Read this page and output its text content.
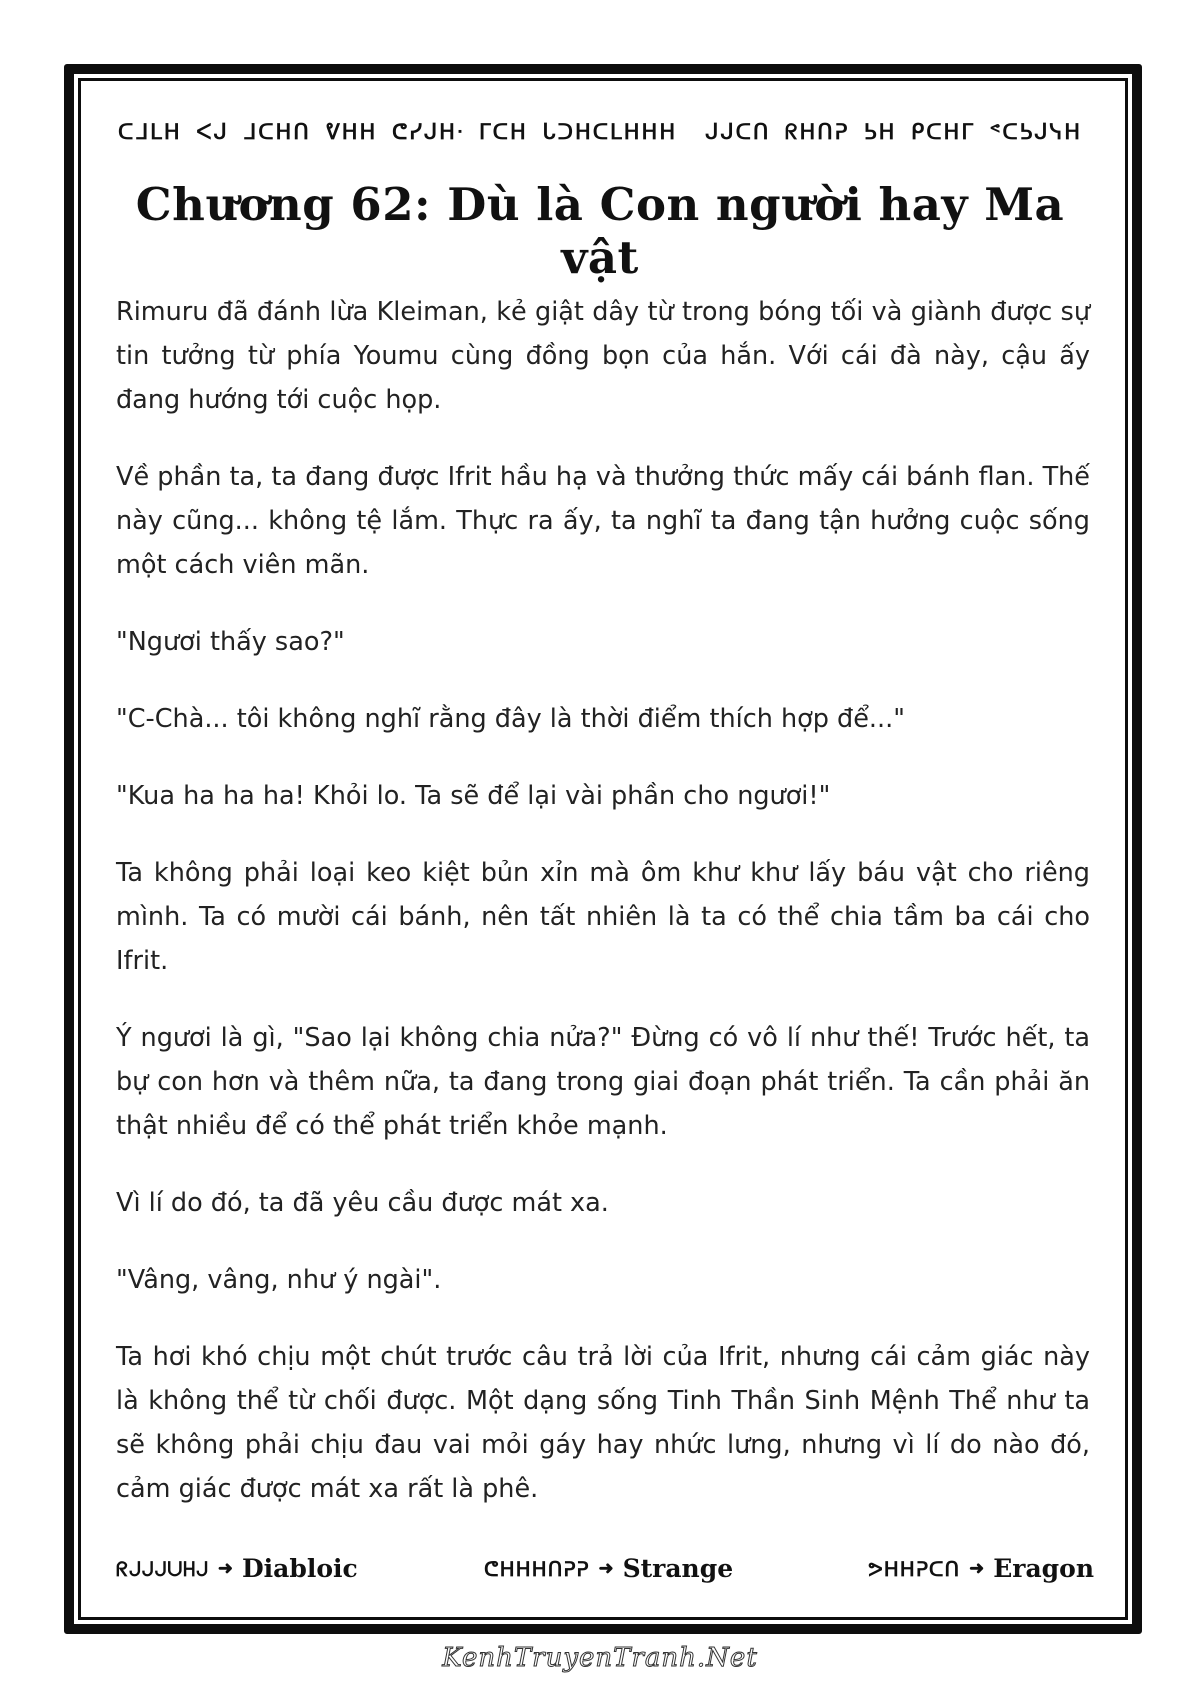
ᑕᒧᒪᕼ ᐸᒍ ᒧᑕᕼᑎ ᕓᕼᕼ ᕦᓯᒍᕼᐧ ᒥᑕᕼ ᒐᑐᕼᑕᒪᕼᕼᕼ ᒍᒍᑕᑎ ᖇᕼᑎᕈ ᕊᕼ ᑭᑕᕼᒥ ᕝᑕᕊᒍᓭᕼ
Chương 62: Dù là Con người hay Ma vật

Rimuru đã đánh lừa Kleiman, kẻ giật dây từ trong bóng tối và giành được sự tin tưởng từ phía Youmu cùng đồng bọn của hắn. Với cái đà này, cậu ấy đang hướng tới cuộc họp.

Về phần ta, ta đang được Ifrit hầu hạ và thưởng thức mấy cái bánh flan. Thế này cũng... không tệ lắm. Thực ra ấy, ta nghĩ ta đang tận hưởng cuộc sống một cách viên mãn.

"Ngươi thấy sao?"

"C-Chà... tôi không nghĩ rằng đây là thời điểm thích hợp để..."

"Kua ha ha ha! Khỏi lo. Ta sẽ để lại vài phần cho ngươi!"

Ta không phải loại keo kiệt bủn xỉn mà ôm khư khư lấy báu vật cho riêng mình. Ta có mười cái bánh, nên tất nhiên là ta có thể chia tầm ba cái cho Ifrit.

Ý ngươi là gì, "Sao lại không chia nửa?" Đừng có vô lí như thế! Trước hết, ta bự con hơn và thêm nữa, ta đang trong giai đoạn phát triển. Ta cần phải ăn thật nhiều để có thể phát triển khỏe mạnh.

Vì lí do đó, ta đã yêu cầu được mát xa.

"Vâng, vâng, như ý ngài".

Ta hơi khó chịu một chút trước câu trả lời của Ifrit, nhưng cái cảm giác này là không thể từ chối được. Một dạng sống Tinh Thần Sinh Mệnh Thể như ta sẽ không phải chịu đau vai mỏi gáy hay nhức lưng, nhưng vì lí do nào đó, cảm giác được mát xa rất là phê.

ᖇᒍᒍᒍᑌᕼᒍ ➜ Diabloic	ᕦᕼᕼᕼᑎᕈᕈ ➜ Strange	ᕗᕼᕼᕈᑕᑎ ➜ Eragon
KenhTruyenTranh.Net
